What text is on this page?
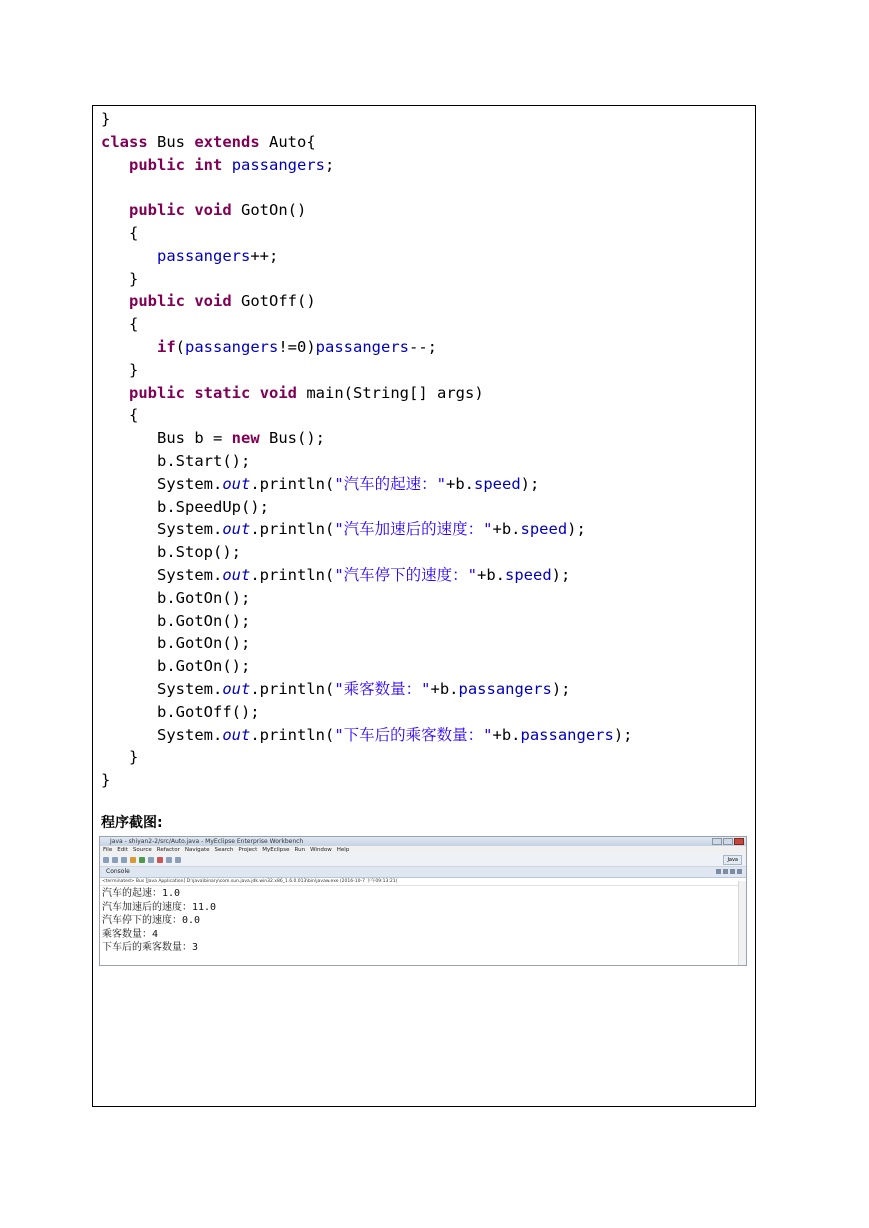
}
class Bus extends Auto{
public int passangers;
public void GotOn()
{
passangers++;
}
public void GotOff()
{
if(passangers!=0)passangers--;
}
public static void main(String[] args)
{
Bus b = new Bus();
b.Start();
System.out.println("汽车的起速："+b.speed);
b.SpeedUp();
System.out.println("汽车加速后的速度："+b.speed);
b.Stop();
System.out.println("汽车停下的速度："+b.speed);
b.GotOn();
b.GotOn();
b.GotOn();
b.GotOn();
System.out.println("乘客数量："+b.passangers);
b.GotOff();
System.out.println("下车后的乘客数量："+b.passangers);
}
}
程序截图:
Java - shiyan2-2/src/Auto.java - MyEclipse Enterprise Workbench
File Edit Source Refactor Navigate Search Project MyEclipse Run Window Help
Java
Console
<terminated> Bus [Java Application] D:\java\binary\com.sun.java.jdk.win32.x86_1.6.0.013\bin\javaw.exe (2016-10-7 下午09:13:21)
汽车的起速：1.0
汽车加速后的速度：11.0
汽车停下的速度：0.0
乘客数量：4
下车后的乘客数量：3
